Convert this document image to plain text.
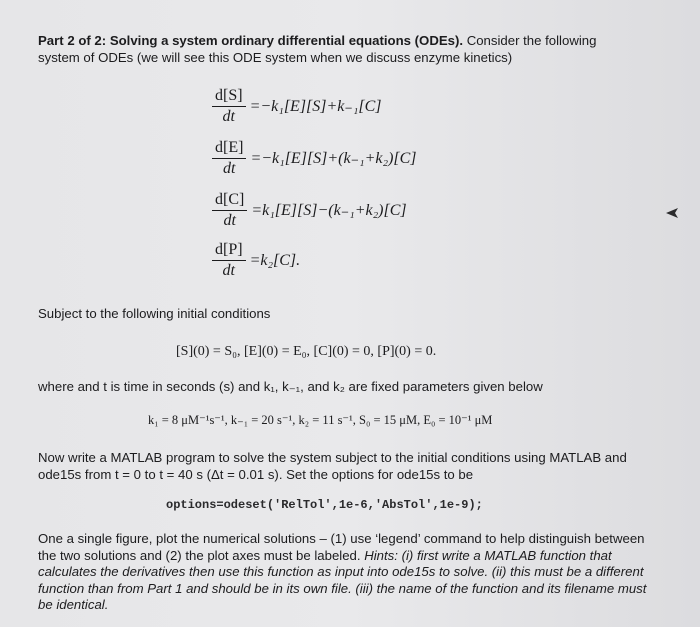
Part 2 of 2: Solving a system ordinary differential equations (ODEs). Consider the following system of ODEs (we will see this ODE system when we discuss enzyme kinetics)
$\frac{d[S]}{dt} =-k_1[E][S]+k_{-1}[C]$
$\frac{d[E]}{dt} =-k_1[E][S]+(k_{-1}+k_2)[C]$
$\frac{d[C]}{dt} =k_1[E][S]-(k_{-1}+k_2)[C]$
$\frac{d[P]}{dt} =k_2[C]$.
Subject to the following initial conditions
[S](0) = S₀, [E](0) = E₀, [C](0) = 0, [P](0) = 0.
where and t is time in seconds (s) and k₁, k₋₁, and k₂ are fixed parameters given below
k₁ = 8 μM⁻¹s⁻¹, k₋₁ = 20 s⁻¹, k₂ = 11 s⁻¹, S₀ = 15 μM, E₀ = 10⁻¹ μM
Now write a MATLAB program to solve the system subject to the initial conditions using MATLAB and ode15s from t = 0 to t = 40 s (Δt = 0.01 s). Set the options for ode15s to be
options=odeset('RelTol',1e-6,'AbsTol',1e-9);
One a single figure, plot the numerical solutions – (1) use ‘legend’ command to help distinguish between the two solutions and (2) the plot axes must be labeled. Hints: (i) first write a MATLAB function that calculates the derivatives then use this function as input into ode15s to solve. (ii) this must be a different function than from Part 1 and should be in its own file. (iii) the name of the function and its filename must be identical.
